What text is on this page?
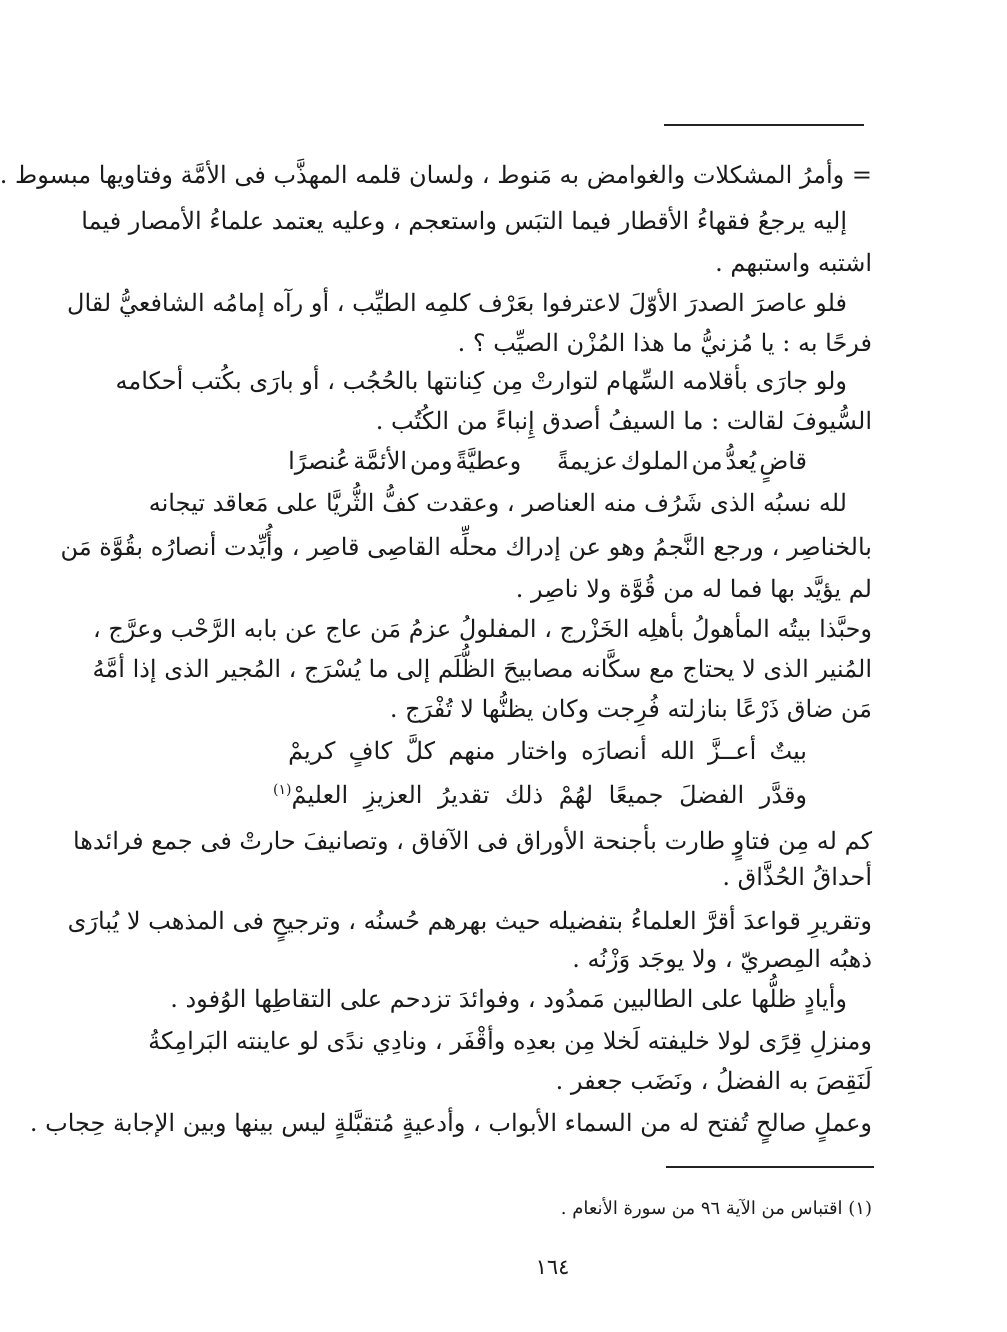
= وأمرُ المشكلات والغوامض به مَنوط ، ولسان قلمه المهذَّب فى الأمَّة وفتاويها مبسوط .
إليه يرجعُ فقهاءُ الأقطار فيما التبَس واستعجم ، وعليه يعتمد علماءُ الأمصار فيما
اشتبه واستبهم .
فلو عاصرَ الصدرَ الأوّلَ لاعترفوا بعَرْف كلمِه الطيِّب ، أو رآه إمامُه الشافعيُّ لقال
فرحًا به : يا مُزنيُّ ما هذا المُزْن الصيِّب ؟ .
ولو جارَى بأقلامه السِّهام لتوارتْ مِن كِنانتها بالحُجُب ، أو بارَى بكُتب أحكامه
السُّيوفَ لقالت : ما السيفُ أصدق إِنباءً من الكُتُب .
قاضٍ
يُعدُّ
من
الملوك
عزيمةً
وعطيَّةً
ومن
الأئمَّة
عُنصرًا
لله نسبُه الذى شَرُف منه العناصر ، وعقدت كفُّ الثُّريَّا على مَعاقد تيجانه
بالخناصِر ، ورجع النَّجمُ وهو عن إدراك محلِّه القاصِى قاصِر ، وأُيِّدت أنصارُه بقُوَّة مَن
لم يؤيَّد بها فما له من قُوَّة ولا ناصِر .
وحبَّذا بيتُه المأهولُ بأهلِه الخَزْرج ، المفلولُ عزمُ مَن عاج عن بابه الرَّحْب وعرَّج ،
المُنير الذى لا يحتاج مع سكَّانه مصابيحَ الظُّلَم إلى ما يُسْرَج ، المُجير الذى إذا أمَّهُ
مَن ضاق ذَرْعًا بنازلته فُرِجت وكان يظنُّها لا تُفْرَج .
بيتٌ
أعــزَّ
الله
أنصارَه
واختار
منهم
كلَّ
كافٍ
كريمْ
وقدَّر
الفضلَ
جميعًا
لهُمْ
ذلك
تقديرُ
العزيزِ
العليمْ$^{(١)}$
كم له مِن فتاوٍ طارت بأجنحة الأوراق فى الآفاق ، وتصانيفَ حارتْ فى جمع فرائدها
أحداقُ الحُذَّاق .
وتقريرِ قواعدَ أقرَّ العلماءُ بتفضيله حيث بهرهم حُسنُه ، وترجيحٍ فى المذهب لا يُبارَى
ذهبُه المِصريّ ، ولا يوجَد وَزْنُه .
وأيادٍ ظلُّها على الطالبين مَمدُود ، وفوائدَ تزدحم على التقاطِها الوُفود .
ومنزلِ قِرًى لولا خليفته لَخلا مِن بعدِه وأقْفَر ، ونادِي ندًى لو عاينته البَرامِكةُ
لَنَقِصَ به الفضلُ ، ونَضَب جعفر .
وعملٍ صالحٍ تُفتح له من السماء الأبواب ، وأدعيةٍ مُتقبَّلةٍ ليس بينها وبين الإجابة حِجاب .
(١) اقتباس من الآية ٩٦ من سورة الأنعام .
١٦٤
